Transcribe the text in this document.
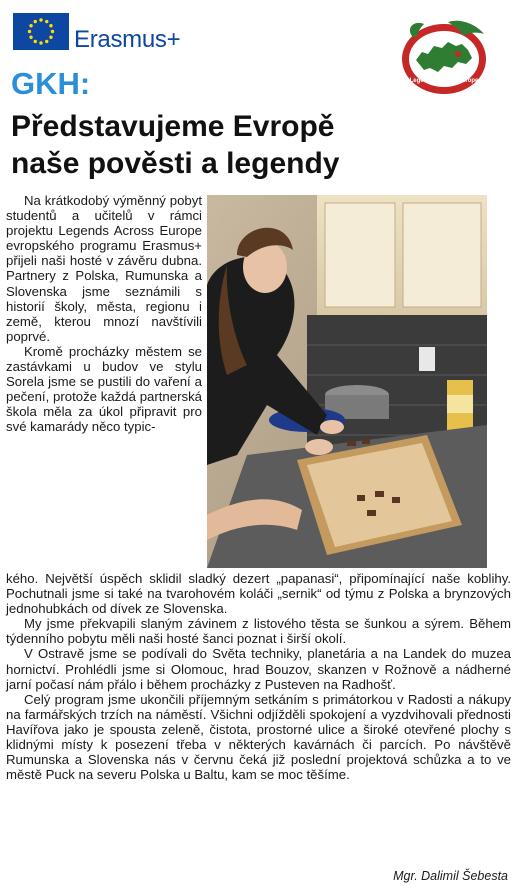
Erasmus+
Legends Across Europe
GKH:
Představujeme Evropě naše pověsti a legendy

Na krátkodobý výměnný pobyt studentů a učitelů v rámci projektu Legends Across Europe evropského programu Erasmus+ přijeli naši hosté v závěru dubna. Partnery z Polska, Rumunska a Slovenska jsme seznámili s historií školy, města, regionu i země, kterou mnozí navštívili poprvé.

Kromě procházky městem se zastávkami u budov ve stylu Sorela jsme se pustili do vaření a pečení, protože každá partnerská škola měla za úkol připravit pro své kamarády něco typic-

kého. Největší úspěch sklidil sladký dezert „papanasi“, připomínající naše koblihy. Pochutnali jsme si také na tvarohovém koláči „sernik“ od týmu z Polska a brynzových jednohubkách od dívek ze Slovenska.

My jsme překvapili slaným závinem z listového těsta se šunkou a sýrem. Během týdenního pobytu měli naši hosté šanci poznat i širší okolí.

V Ostravě jsme se podívali do Světa techniky, planetária a na Landek do muzea hornictví. Prohlédli jsme si Olomouc, hrad Bouzov, skanzen v Rožnově a nádherné jarní počasí nám přálo i během procházky z Pusteven na Radhošť.

Celý program jsme ukončili příjemným setkáním s primátorkou v Radosti a nákupy na farmářských trzích na náměstí. Všichni odjížděli spokojení a vyzdvihovali přednosti Havířova jako je spousta zeleně, čistota, prostorné ulice a široké otevřené plochy s klidnými místy k posezení třeba v některých kavárnách či parcích. Po návštěvě Rumunska a Slovenska nás v červnu čeká již poslední projektová schůzka a to ve městě Puck na severu Polska u Baltu, kam se moc těšíme.

Mgr. Dalimil Šebesta
